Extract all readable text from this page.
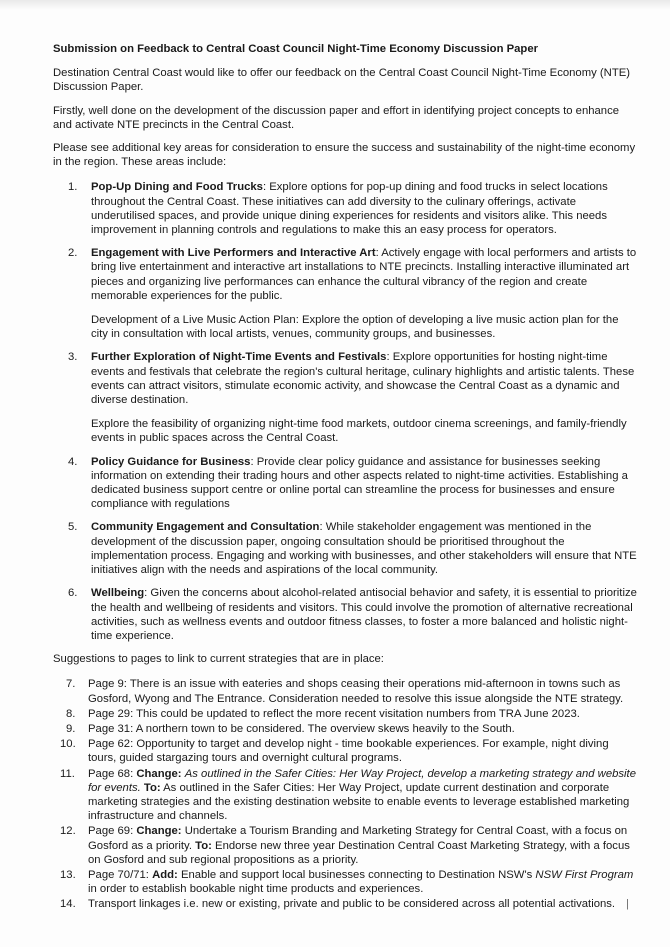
Submission on Feedback to Central Coast Council Night-Time Economy Discussion Paper

Destination Central Coast would like to offer our feedback on the Central Coast Council Night-Time Economy (NTE) Discussion Paper.

Firstly, well done on the development of the discussion paper and effort in identifying project concepts to enhance and activate NTE precincts in the Central Coast.

Please see additional key areas for consideration to ensure the success and sustainability of the night-time economy in the region. These areas include:

1. Pop-Up Dining and Food Trucks: Explore options for pop-up dining and food trucks in select locations throughout the Central Coast. These initiatives can add diversity to the culinary offerings, activate underutilised spaces, and provide unique dining experiences for residents and visitors alike. This needs improvement in planning controls and regulations to make this an easy process for operators.
2. Engagement with Live Performers and Interactive Art: Actively engage with local performers and artists to bring live entertainment and interactive art installations to NTE precincts. Installing interactive illuminated art pieces and organizing live performances can enhance the cultural vibrancy of the region and create memorable experiences for the public.
Development of a Live Music Action Plan: Explore the option of developing a live music action plan for the city in consultation with local artists, venues, community groups, and businesses.
3. Further Exploration of Night-Time Events and Festivals: Explore opportunities for hosting night-time events and festivals that celebrate the region's cultural heritage, culinary highlights and artistic talents. These events can attract visitors, stimulate economic activity, and showcase the Central Coast as a dynamic and diverse destination.
Explore the feasibility of organizing night-time food markets, outdoor cinema screenings, and family-friendly events in public spaces across the Central Coast.
4. Policy Guidance for Business: Provide clear policy guidance and assistance for businesses seeking information on extending their trading hours and other aspects related to night-time activities. Establishing a dedicated business support centre or online portal can streamline the process for businesses and ensure compliance with regulations
5. Community Engagement and Consultation: While stakeholder engagement was mentioned in the development of the discussion paper, ongoing consultation should be prioritised throughout the implementation process. Engaging and working with businesses, and other stakeholders will ensure that NTE initiatives align with the needs and aspirations of the local community.
6. Wellbeing: Given the concerns about alcohol-related antisocial behavior and safety, it is essential to prioritize the health and wellbeing of residents and visitors. This could involve the promotion of alternative recreational activities, such as wellness events and outdoor fitness classes, to foster a more balanced and holistic night-time experience.

Suggestions to pages to link to current strategies that are in place:

7. Page 9: There is an issue with eateries and shops ceasing their operations mid-afternoon in towns such as Gosford, Wyong and The Entrance. Consideration needed to resolve this issue alongside the NTE strategy.
8. Page 29: This could be updated to reflect the more recent visitation numbers from TRA June 2023.
9. Page 31: A northern town to be considered. The overview skews heavily to the South.
10. Page 62: Opportunity to target and develop night - time bookable experiences. For example, night diving tours, guided stargazing tours and overnight cultural programs.
11. Page 68: Change: As outlined in the Safer Cities: Her Way Project, develop a marketing strategy and website for events. To: As outlined in the Safer Cities: Her Way Project, update current destination and corporate marketing strategies and the existing destination website to enable events to leverage established marketing infrastructure and channels.
12. Page 69: Change: Undertake a Tourism Branding and Marketing Strategy for Central Coast, with a focus on Gosford as a priority. To: Endorse new three year Destination Central Coast Marketing Strategy, with a focus on Gosford and sub regional propositions as a priority.
13. Page 70/71: Add: Enable and support local businesses connecting to Destination NSW's NSW First Program in order to establish bookable night time products and experiences.
14. Transport linkages i.e. new or existing, private and public to be considered across all potential activations. |
